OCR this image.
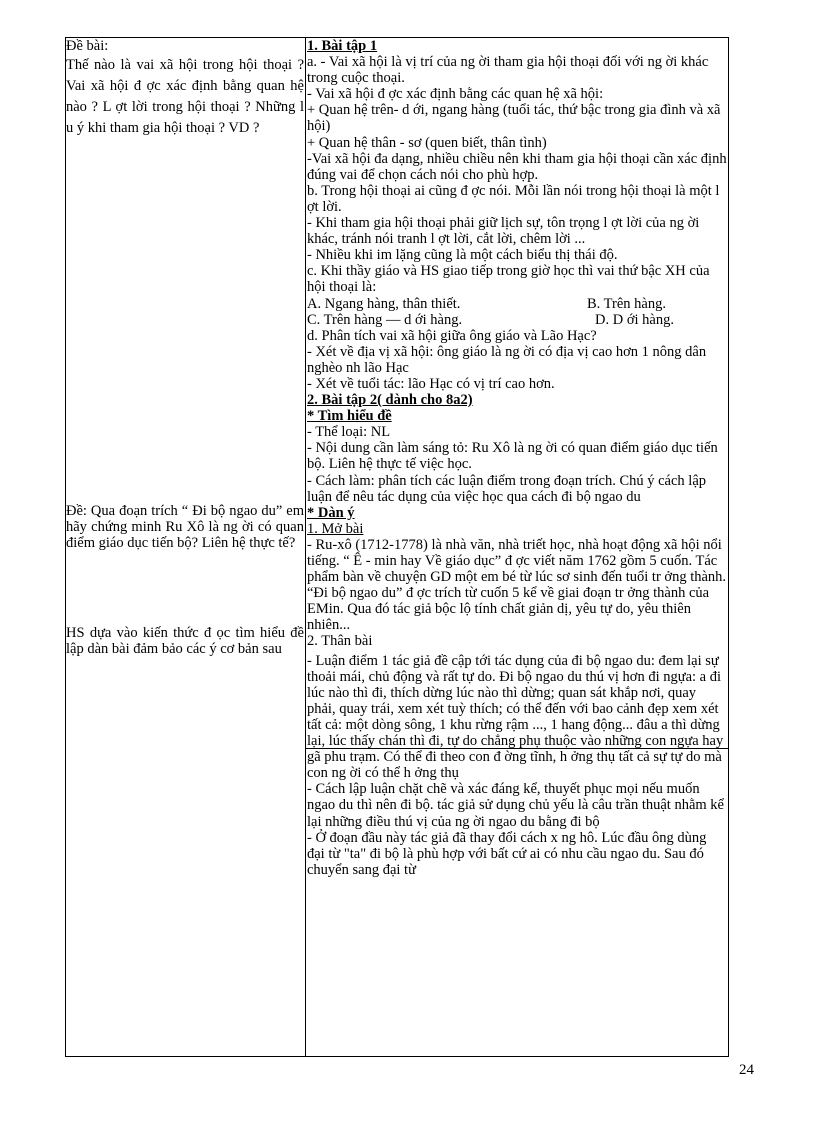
Đề bài:

Thế nào là vai xã hội trong hội thoại ? Vai xã hội đ ợc xác định bằng quan hệ nào ? L ợt lời trong hội thoại ? Những l u ý khi tham gia hội thoại ? VD ?

Đề: Qua đoạn trích “ Đi bộ ngao du” em hãy chứng minh Ru Xô là ng ời có quan điểm giáo dục tiến bộ? Liên hệ thực tế?

HS dựa vào kiến thức đ ọc tìm hiểu đề lập dàn bài đảm bảo các ý cơ bản sau

1. Bài tập 1

a. - Vai xã hội là vị trí của ng ời tham gia hội thoại đối với ng ời khác trong cuộc thoại.

- Vai xã hội đ ợc xác định bằng các quan hệ xã hội:

+ Quan hệ trên- d ới, ngang hàng (tuổi tác, thứ bậc trong gia đình và xã hội)

+ Quan hệ thân - sơ (quen biết, thân tình)

-Vai xã hội đa dạng, nhiều chiều nên khi tham gia hội thoại cần xác định đúng vai để chọn cách nói cho phù hợp.

b. Trong hội thoại ai cũng đ ợc nói. Mỗi lần nói trong hội thoại là một l ợt lời.

- Khi tham gia hội thoại phải giữ lịch sự, tôn trọng l ợt lời của ng ời khác, tránh nói tranh l ợt lời, cắt lời, chêm lời ...

- Nhiều khi im lặng cũng là một cách biểu thị thái độ.

c. Khi thầy giáo và HS giao tiếp trong giờ học thì vai thứ bậc XH của hội thoại là:

A. Ngang hàng, thân thiết.	B. Trên hàng.

C. Trên hàng — d ới hàng.	D. D ới hàng.

d. Phân tích vai xã hội giữa ông giáo và Lão Hạc?

- Xét về địa vị xã hội: ông giáo là ng ời có địa vị cao hơn 1 nông dân nghèo nh lão Hạc

- Xét về tuổi tác: lão Hạc có vị trí cao hơn.

2. Bài tập 2( dành cho 8a2)

* Tìm hiểu đề

- Thể loại: NL

- Nội dung cần làm sáng tỏ: Ru Xô là ng ời có quan điểm giáo dục tiến bộ. Liên hệ thực tế việc học.

- Cách làm: phân tích các luận điểm trong đoạn trích. Chú ý cách lập luận để nêu tác dụng của việc học qua cách đi bộ ngao du

* Dàn ý

1. Mở bài

- Ru-xô (1712-1778) là nhà văn, nhà triết học, nhà hoạt động xã hội nổi tiếng. “ Ê - min hay Về giáo dục” đ ợc viết năm 1762 gồm 5 cuốn. Tác phẩm bàn về chuyện GD một em bé từ lúc sơ sinh đến tuổi tr ởng thành. “Đi bộ ngao du” đ ợc trích từ cuốn 5 kể về giai đoạn tr ởng thành của EMin. Qua đó tác giả bộc lộ tính chất giản dị, yêu tự do, yêu thiên nhiên...

2. Thân bài

- Luận điểm 1 tác giả đề cập tới tác dụng của đi bộ ngao du: đem lại sự thoải mái, chủ động và rất tự do. Đi bộ ngao du thú vị hơn đi ngựa: a đi lúc nào thì đi, thích dừng lúc nào thì dừng; quan sát khắp nơi, quay phải, quay trái, xem xét tuỳ thích; có thể đến với bao cảnh đẹp xem xét tất cả: một dòng sông, 1 khu rừng rậm ..., 1 hang động... đâu a thì dừng lại, lúc thấy chán thì đi, tự do chẳng phụ thuộc vào những con ngựa hay gã phu trạm. Có thể đi theo con đ ờng tĩnh, h ởng thụ tất cả sự tự do mà con ng ời có thể h ởng thụ

- Cách lập luận chặt chẽ và xác đáng kể, thuyết phục mọi nếu muốn ngao du thì nên đi bộ. tác giả sử dụng chủ yếu là câu trần thuật nhằm kể lại những điều thú vị của ng ời ngao du bằng đi bộ

- Ở đoạn đầu này tác giả đã thay đổi cách x ng hô. Lúc đầu ông dùng đại từ "ta" đi bộ là phù hợp với bất cứ ai có nhu cầu ngao du. Sau đó chuyển sang đại từ

24
